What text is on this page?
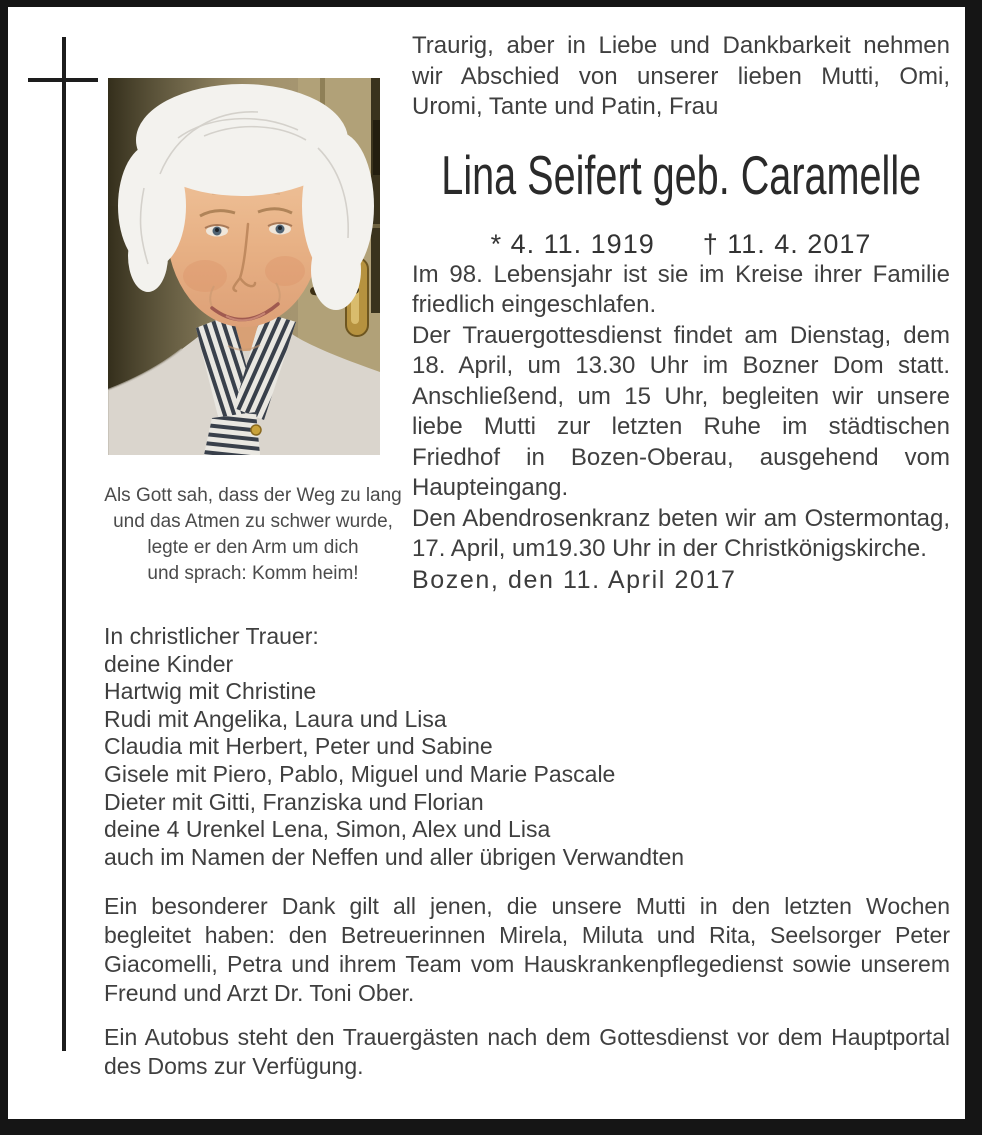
Als Gott sah, dass der Weg zu lang
und das Atmen zu schwer wurde,
legte er den Arm um dich
und sprach: Komm heim!

Traurig, aber in Liebe und Dankbarkeit nehmen wir Abschied von unserer lieben Mutti, Omi, Uromi, Tante und Patin, Frau

Lina Seifert geb. Caramelle
* 4. 11. 1919 † 11. 4. 2017

Im 98. Lebensjahr ist sie im Kreise ihrer Familie friedlich eingeschlafen.

Der Trauergottesdienst findet am Dienstag, dem 18. April, um 13.30 Uhr im Bozner Dom statt. Anschließend, um 15 Uhr, begleiten wir unsere liebe Mutti zur letzten Ruhe im städtischen Friedhof in Bozen-Oberau, ausgehend vom Haupteingang.

Den Abendrosenkranz beten wir am Ostermontag, 17. April, um19.30 Uhr in der Christkönigskirche.

Bozen, den 11. April 2017

In christlicher Trauer:
deine Kinder
Hartwig mit Christine
Rudi mit Angelika, Laura und Lisa
Claudia mit Herbert, Peter und Sabine
Gisele mit Piero, Pablo, Miguel und Marie Pascale
Dieter mit Gitti, Franziska und Florian
deine 4 Urenkel Lena, Simon, Alex und Lisa
auch im Namen der Neffen und aller übrigen Verwandten

Ein besonderer Dank gilt all jenen, die unsere Mutti in den letzten Wochen begleitet haben: den Betreuerinnen Mirela, Miluta und Rita, Seelsorger Peter Giacomelli, Petra und ihrem Team vom Hauskrankenpflegedienst sowie unserem Freund und Arzt Dr. Toni Ober.

Ein Autobus steht den Trauergästen nach dem Gottesdienst vor dem Hauptportal des Doms zur Verfügung.
